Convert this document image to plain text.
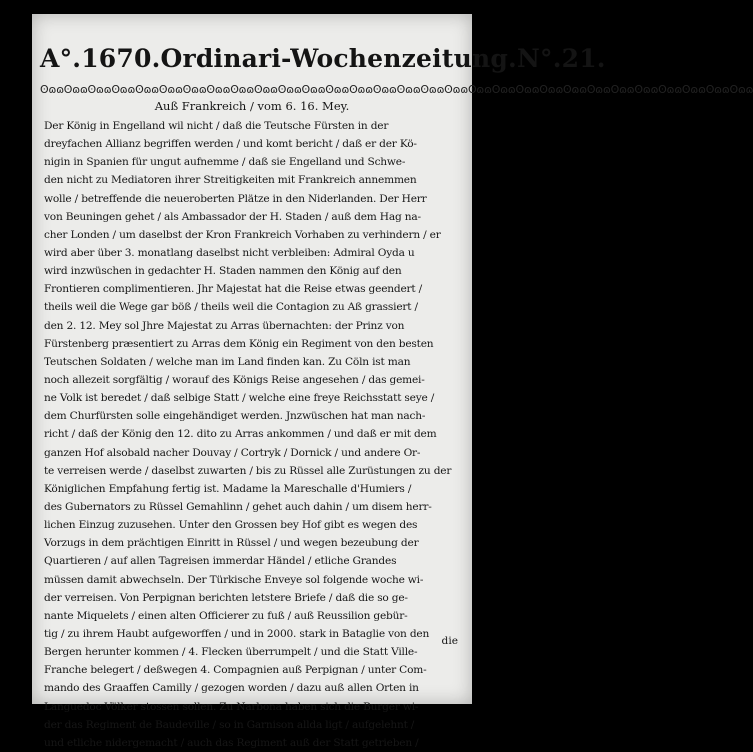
A°.1670. Ordinari-Wochenzeitung. N°.21.
ʘɷɷʘɷɷʘɷɷʘɷɷʘɷɷʘɷɷʘɷɷʘɷɷʘɷɷʘɷɷʘɷɷʘɷɷʘɷɷʘɷɷʘɷɷʘɷɷʘɷɷʘɷɷʘɷɷʘɷɷʘɷɷʘɷɷʘɷɷʘɷɷʘɷɷʘɷɷʘɷɷʘɷɷʘɷɷʘɷɷ
Auß Frankreich / vom 6. 16. Mey.
Der König in Engelland wil nicht / daß die Teutsche Fürsten in der
dreyfachen Allianz begriffen werden / und komt bericht / daß er der Kö-
nigin in Spanien für ungut aufnemme / daß sie Engelland und Schwe-
den nicht zu Mediatoren ihrer Streitigkeiten mit Frankreich annemmen
wolle / betreffende die neueroberten Plätze in den Niderlanden. Der Herr
von Beuningen gehet / als Ambassador der H. Staden / auß dem Hag na-
cher Londen / um daselbst der Kron Frankreich Vorhaben zu verhindern / er
wird aber über 3. monatlang daselbst nicht verbleiben: Admiral Oyda u
wird inzwüschen in gedachter H. Staden nammen den König auf den
Frontieren complimentieren. Jhr Majestat hat die Reise etwas geendert /
theils weil die Wege gar böß / theils weil die Contagion zu Aß grassiert /
den 2. 12. Mey sol Jhre Majestat zu Arras übernachten: der Prinz von
Fürstenberg præsentiert zu Arras dem König ein Regiment von den besten
Teutschen Soldaten / welche man im Land finden kan. Zu Cöln ist man
noch allezeit sorgfältig / worauf des Königs Reise angesehen / das gemei-
ne Volk ist beredet / daß selbige Statt / welche eine freye Reichsstatt seye /
dem Churfürsten solle eingehändiget werden. Jnzwüschen hat man nach-
richt / daß der König den 12. dito zu Arras ankommen / und daß er mit dem
ganzen Hof alsobald nacher Douvay / Cortryk / Dornick / und andere Or-
te verreisen werde / daselbst zuwarten / bis zu Rüssel alle Zurüstungen zu der
Königlichen Empfahung fertig ist. Madame la Mareschalle d'Humiers /
des Gubernators zu Rüssel Gemahlinn / gehet auch dahin / um disem herr-
lichen Einzug zuzusehen. Unter den Grossen bey Hof gibt es wegen des
Vorzugs in dem prächtigen Einritt in Rüssel / und wegen bezeubung der
Quartieren / auf allen Tagreisen immerdar Händel / etliche Grandes
müssen damit abwechseln. Der Türkische Enveye sol folgende woche wi-
der verreisen. Von Perpignan berichten letstere Briefe / daß die so ge-
nante Miquelets / einen alten Officierer zu fuß / auß Reussilion gebür-
tig / zu ihrem Haubt aufgeworffen / und in 2000. stark in Bataglie von den
Bergen herunter kommen / 4. Flecken überrumpelt / und die Statt Ville-
Franche belegert / deßwegen 4. Compagnien auß Perpignan / unter Com-
mando des Graaffen Camilly / gezogen worden / dazu auß allen Orten in
Languedoc Völker stossen sollen. Zu Narbona haben sich die Burger wi-
der das Regiment de Baudeville / so in Garnison allda ligt / aufgelehnt /
und etliche nidergemacht / auch das Regiment auß der Statt getrieben /
die
